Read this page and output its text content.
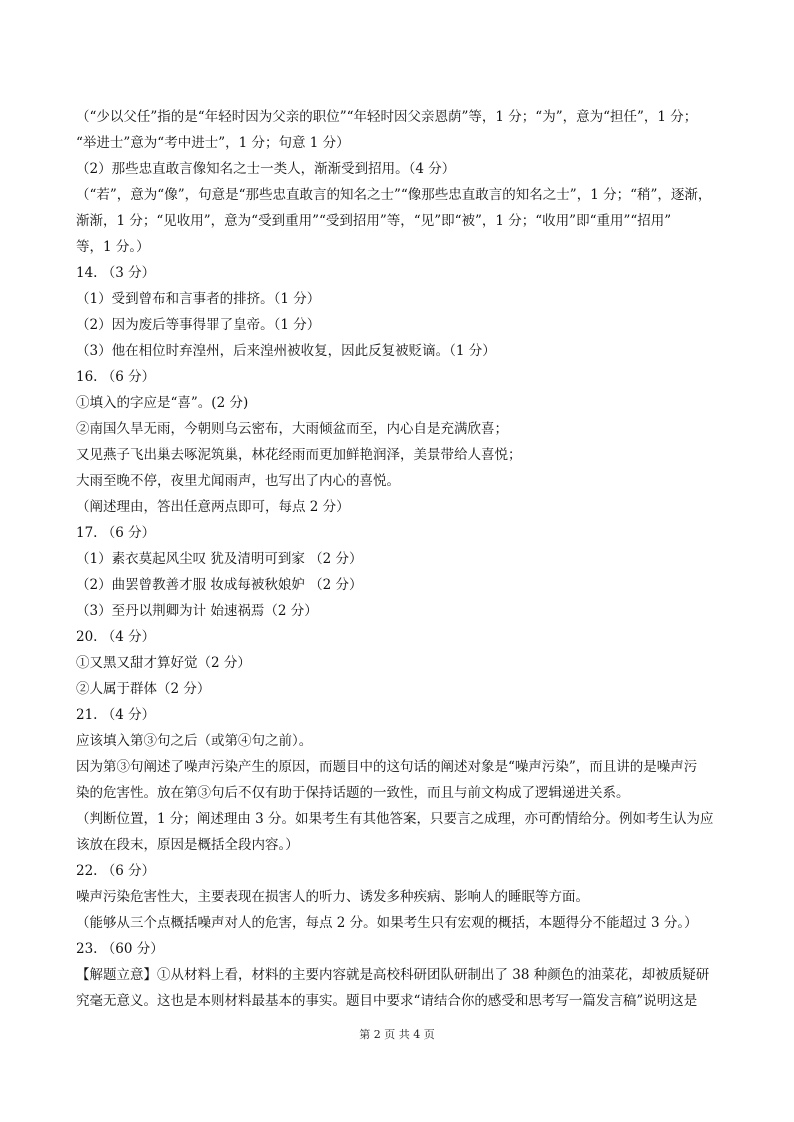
（“少以父任”指的是“年轻时因为父亲的职位”“年轻时因父亲恩荫”等，1 分；“为”，意为“担任”，1 分；
“举进士”意为“考中进士”，1 分；句意 1 分）
（2）那些忠直敢言像知名之士一类人，渐渐受到招用。（4 分）
（“若”，意为“像”，句意是“那些忠直敢言的知名之士”“像那些忠直敢言的知名之士”，1 分；“稍”，逐渐，
渐渐，1 分；“见收用”，意为“受到重用”“受到招用”等，“见”即“被”，1 分；“收用”即“重用”“招用”
等，1 分。）
14. （3 分）
（1）受到曾布和言事者的排挤。（1 分）
（2）因为废后等事得罪了皇帝。（1 分）
（3）他在相位时弃湟州，后来湟州被收复，因此反复被贬谪。（1 分）
16. （6 分）
①填入的字应是“喜”。(2 分)
②南国久旱无雨，今朝则乌云密布，大雨倾盆而至，内心自是充满欣喜；
又见燕子飞出巢去啄泥筑巢，林花经雨而更加鲜艳润泽，美景带给人喜悦；
大雨至晚不停，夜里尤闻雨声，也写出了内心的喜悦。
（阐述理由，答出任意两点即可，每点 2 分）
17. （6 分）
（1）素衣莫起风尘叹 犹及清明可到家 （2 分）
（2）曲罢曾教善才服 妆成每被秋娘妒 （2 分）
（3）至丹以荆卿为计 始速祸焉（2 分）
20. （4 分）
①又黑又甜才算好觉（2 分）
②人属于群体（2 分）
21. （4 分）
应该填入第③句之后（或第④句之前）。
因为第③句阐述了噪声污染产生的原因，而题目中的这句话的阐述对象是“噪声污染”，而且讲的是噪声污
染的危害性。放在第③句后不仅有助于保持话题的一致性，而且与前文构成了逻辑递进关系。
（判断位置，1 分；阐述理由 3 分。如果考生有其他答案，只要言之成理，亦可酌情给分。例如考生认为应
该放在段末，原因是概括全段内容。）
22. （6 分）
噪声污染危害性大，主要表现在损害人的听力、诱发多种疾病、影响人的睡眠等方面。
（能够从三个点概括噪声对人的危害，每点 2 分。如果考生只有宏观的概括，本题得分不能超过 3 分。）
23. （60 分）
【解题立意】①从材料上看，材料的主要内容就是高校科研团队研制出了 38 种颜色的油菜花，却被质疑研
究毫无意义。这也是本则材料最基本的事实。题目中要求“请结合你的感受和思考写一篇发言稿”说明这是
第 2 页 共 4 页
